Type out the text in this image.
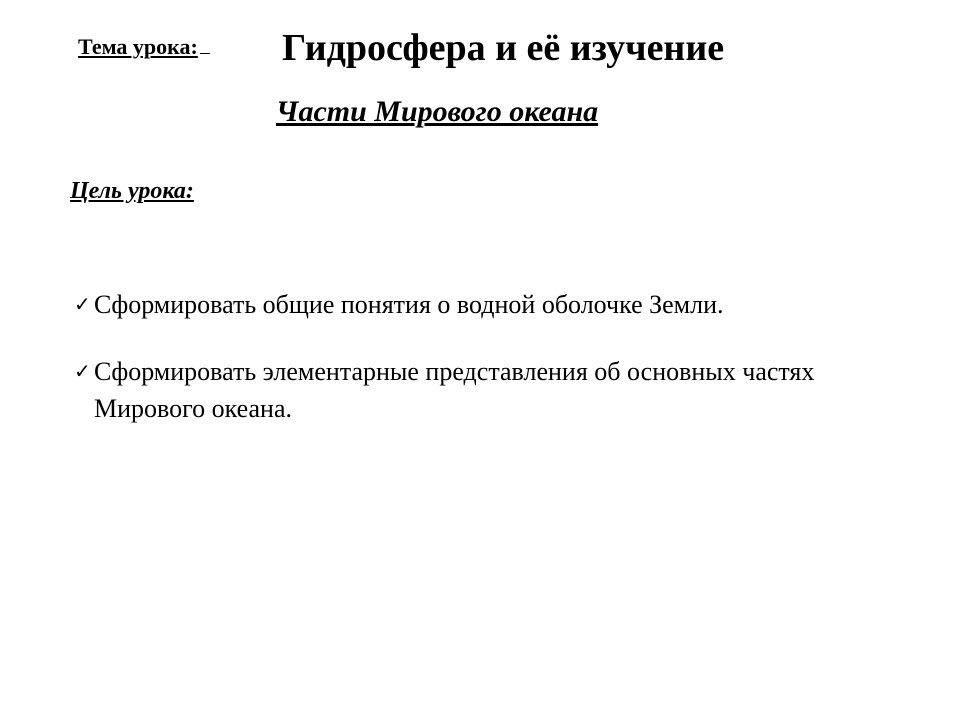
Тема урока:	Гидросфера и её изучение
Части Мирового океана
Цель урока:
✓ Сформировать общие понятия о водной оболочке Земли.
✓ Сформировать элементарные представления об основных частях Мирового океана.
